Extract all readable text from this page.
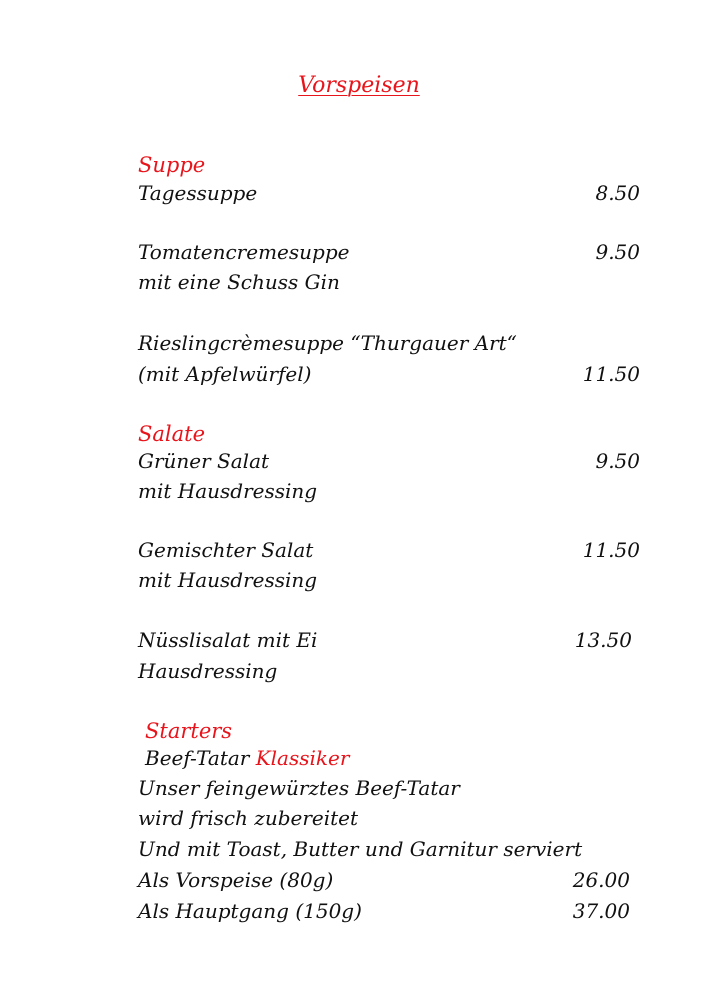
Vorspeisen
Suppe
Tagessuppe	8.50
Tomatencremesuppe	9.50
mit eine Schuss Gin
Rieslingcrèmesuppe “Thurgauer Art“
(mit Apfelwürfel)	11.50
Salate
Grüner Salat	9.50
mit Hausdressing
Gemischter Salat	11.50
mit Hausdressing
Nüsslisalat mit Ei	13.50
Hausdressing
Starters
Beef-Tatar Klassiker
Unser feingewürztes Beef-Tatar
wird frisch zubereitet
Und mit Toast, Butter und Garnitur serviert
Als Vorspeise (80g)	26.00
Als Hauptgang (150g)	37.00
